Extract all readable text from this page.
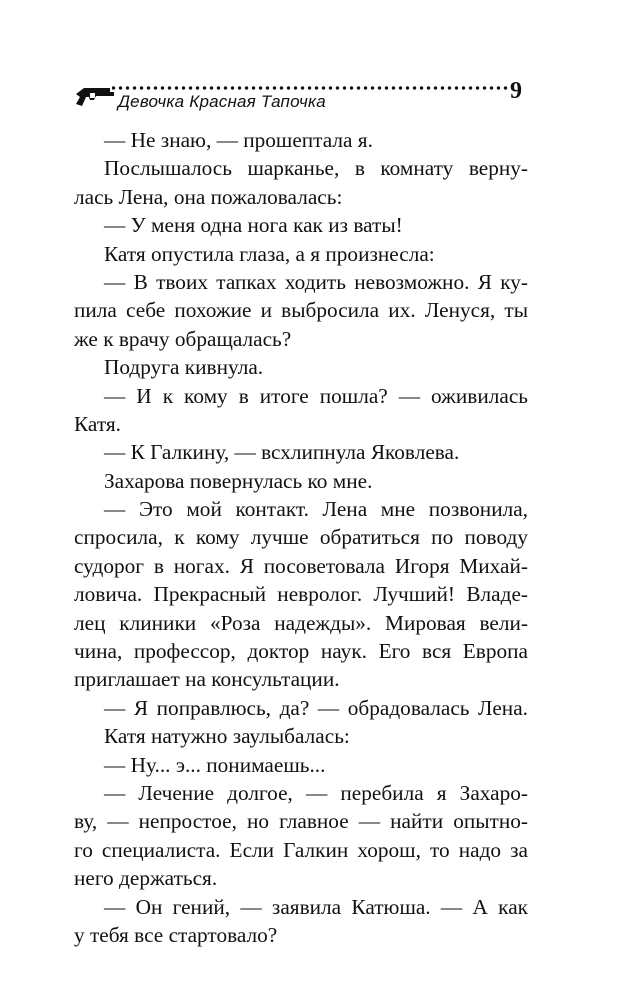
Девочка Красная Тапочка	9
— Не знаю, — прошептала я.
Послышалось шарканье, в комнату верну-
лась Лена, она пожаловалась:
— У меня одна нога как из ваты!
Катя опустила глаза, а я произнесла:
— В твоих тапках ходить невозможно. Я ку-
пила себе похожие и выбросила их. Ленуся, ты
же к врачу обращалась?
Подруга кивнула.
— И к кому в итоге пошла? — оживилась
Катя.
— К Галкину, — всхлипнула Яковлева.
Захарова повернулась ко мне.
— Это мой контакт. Лена мне позвонила,
спросила, к кому лучше обратиться по поводу
судорог в ногах. Я посоветовала Игоря Михай-
ловича. Прекрасный невролог. Лучший! Владе-
лец клиники «Роза надежды». Мировая вели-
чина, профессор, доктор наук. Его вся Европа
приглашает на консультации.
— Я поправлюсь, да? — обрадовалась Лена.
Катя натужно заулыбалась:
— Ну... э... понимаешь...
— Лечение долгое, — перебила я Захаро-
ву, — непростое, но главное — найти опытно-
го специалиста. Если Галкин хорош, то надо за
него держаться.
— Он гений, — заявила Катюша. — А как
у тебя все стартовало?
